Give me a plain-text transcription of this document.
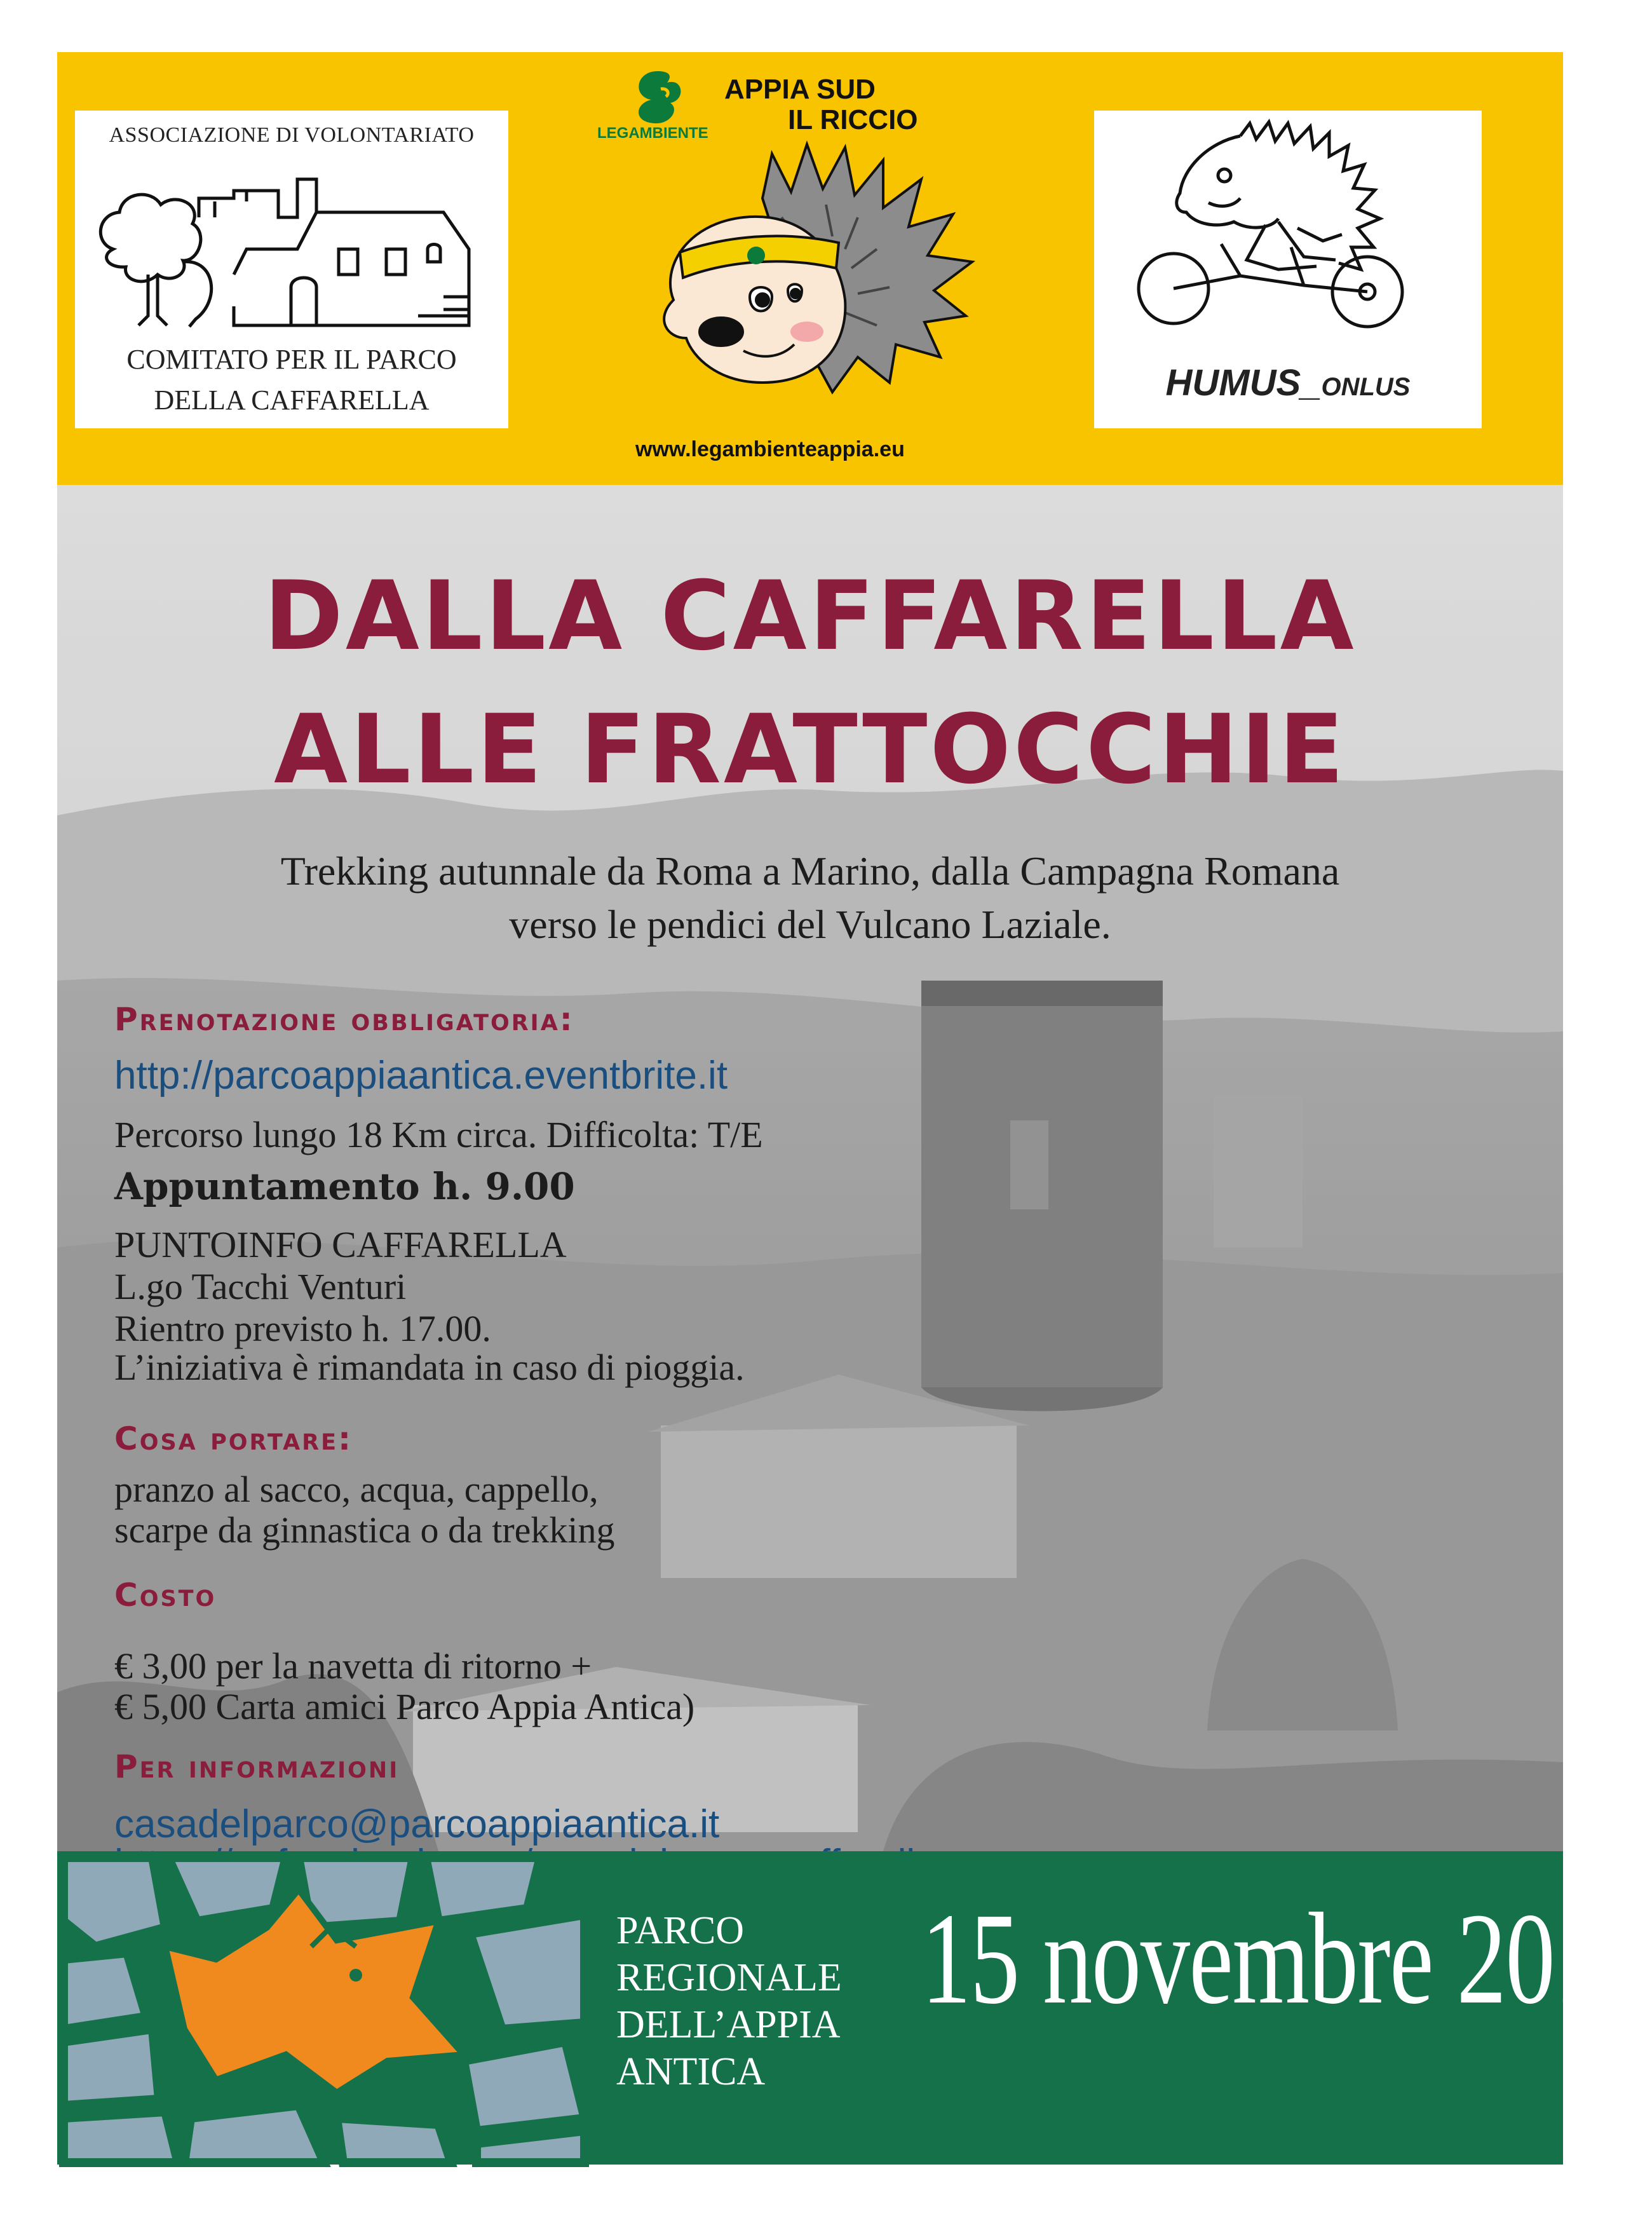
ASSOCIAZIONE DI VOLONTARIATO
COMITATO PER IL PARCO
DELLA CAFFARELLA
LEGAMBIENTE
APPIA SUD
IL RICCIO
www.legambienteappia.eu
HUMUS_ONLUS
DALLA CAFFARELLA
ALLE FRATTOCCHIE
Trekking autunnale da Roma a Marino, dalla Campagna Romana
verso le pendici del Vulcano Laziale.
Prenotazione obbligatoria:
http://parcoappiaantica.eventbrite.it
Percorso lungo 18 Km circa. Difficolta: T/E
Appuntamento h. 9.00
PUNTOINFO CAFFARELLA
L.go Tacchi Venturi
Rientro previsto h. 17.00.
L’iniziativa è rimandata in caso di pioggia.
Cosa portare:
pranzo al sacco, acqua, cappello,
scarpe da ginnastica o da trekking
Costo
€ 3,00 per la navetta di ritorno +
€ 5,00 Carta amici Parco Appia Antica)
Per informazioni
casadelparco@parcoappiaantica.it
PARCO
REGIONALE
DELL’APPIA
ANTICA
15 novembre 2015
